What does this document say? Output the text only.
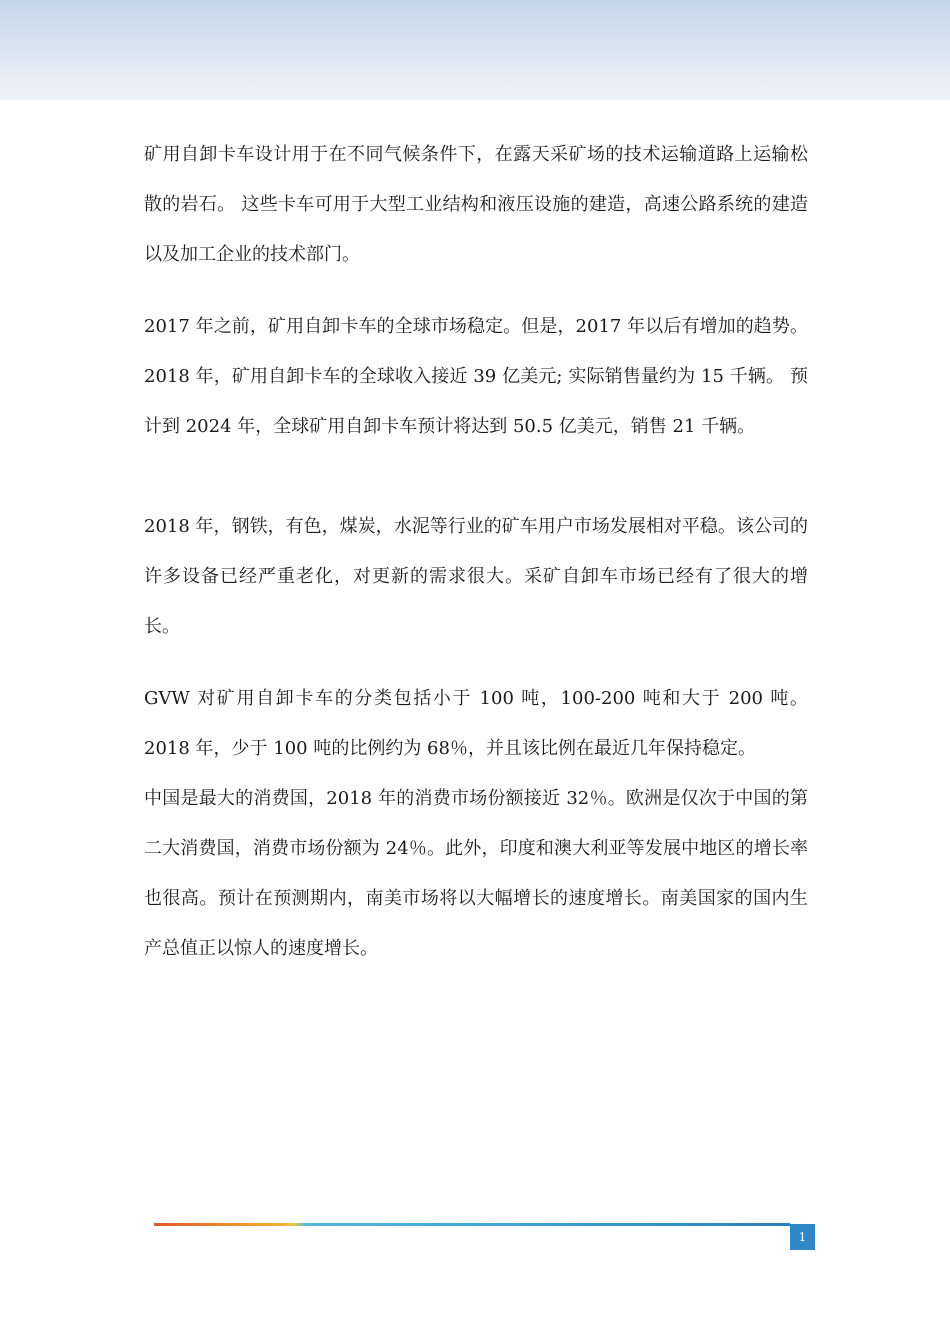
矿用自卸卡车设计用于在不同气候条件下，在露天采矿场的技术运输道路上运输松散的岩石。 这些卡车可用于大型工业结构和液压设施的建造，高速公路系统的建造以及加工企业的技术部门。

2017 年之前，矿用自卸卡车的全球市场稳定。但是，2017 年以后有增加的趋势。2018 年，矿用自卸卡车的全球收入接近 39 亿美元; 实际销售量约为 15 千辆。 预计到 2024 年，全球矿用自卸卡车预计将达到 50.5 亿美元，销售 21 千辆。

2018 年，钢铁，有色，煤炭，水泥等行业的矿车用户市场发展相对平稳。该公司的许多设备已经严重老化，对更新的需求很大。采矿自卸车市场已经有了很大的增长。

GVW 对矿用自卸卡车的分类包括小于 100 吨，100-200 吨和大于 200 吨。2018 年，少于 100 吨的比例约为 68％，并且该比例在最近几年保持稳定。

中国是最大的消费国，2018 年的消费市场份额接近 32％。欧洲是仅次于中国的第二大消费国，消费市场份额为 24％。此外，印度和澳大利亚等发展中地区的增长率也很高。预计在预测期内，南美市场将以大幅增长的速度增长。南美国家的国内生产总值正以惊人的速度增长。

1
